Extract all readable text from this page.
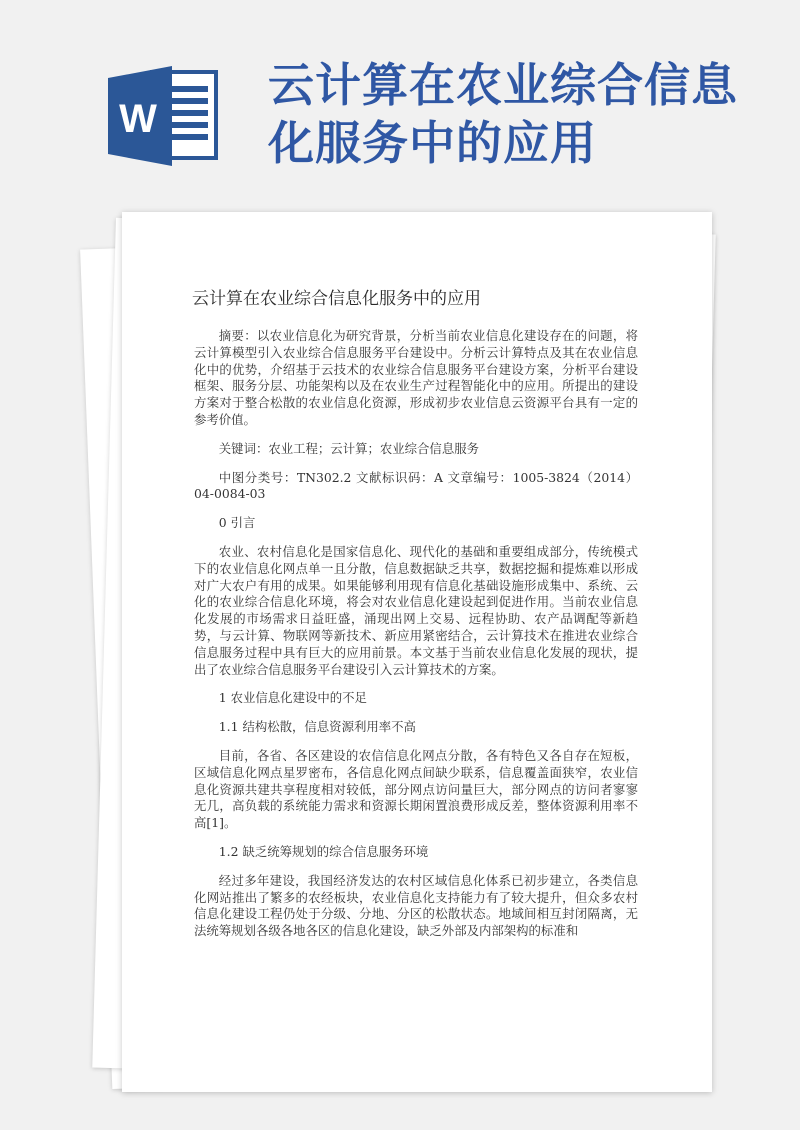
W
云计算在农业综合信息化服务中的应用
云计算在农业综合信息化服务中的应用

摘要：以农业信息化为研究背景，分析当前农业信息化建设存在的问题，将云计算模型引入农业综合信息服务平台建设中。分析云计算特点及其在农业信息化中的优势，介绍基于云技术的农业综合信息服务平台建设方案，分析平台建设框架、服务分层、功能架构以及在农业生产过程智能化中的应用。所提出的建设方案对于整合松散的农业信息化资源，形成初步农业信息云资源平台具有一定的参考价值。

关键词：农业工程；云计算；农业综合信息服务

中图分类号：TN302.2 文献标识码：A 文章编号：1005-3824（2014）04-0084-03

0 引言

农业、农村信息化是国家信息化、现代化的基础和重要组成部分，传统模式下的农业信息化网点单一且分散，信息数据缺乏共享，数据挖掘和提炼难以形成对广大农户有用的成果。如果能够利用现有信息化基础设施形成集中、系统、云化的农业综合信息化环境，将会对农业信息化建设起到促进作用。当前农业信息化发展的市场需求日益旺盛，涌现出网上交易、远程协助、农产品调配等新趋势，与云计算、物联网等新技术、新应用紧密结合，云计算技术在推进农业综合信息服务过程中具有巨大的应用前景。本文基于当前农业信息化发展的现状，提出了农业综合信息服务平台建设引入云计算技术的方案。

1 农业信息化建设中的不足

1.1 结构松散，信息资源利用率不高

目前，各省、各区建设的农信信息化网点分散，各有特色又各自存在短板，区域信息化网点星罗密布，各信息化网点间缺少联系，信息覆盖面狭窄，农业信息化资源共建共享程度相对较低，部分网点访问量巨大，部分网点的访问者寥寥无几，高负载的系统能力需求和资源长期闲置浪费形成反差，整体资源利用率不高[1]。

1.2 缺乏统筹规划的综合信息服务环境

经过多年建设，我国经济发达的农村区域信息化体系已初步建立，各类信息化网站推出了繁多的农经板块，农业信息化支持能力有了较大提升，但众多农村信息化建设工程仍处于分级、分地、分区的松散状态。地域间相互封闭隔离，无法统筹规划各级各地各区的信息化建设，缺乏外部及内部架构的标准和
